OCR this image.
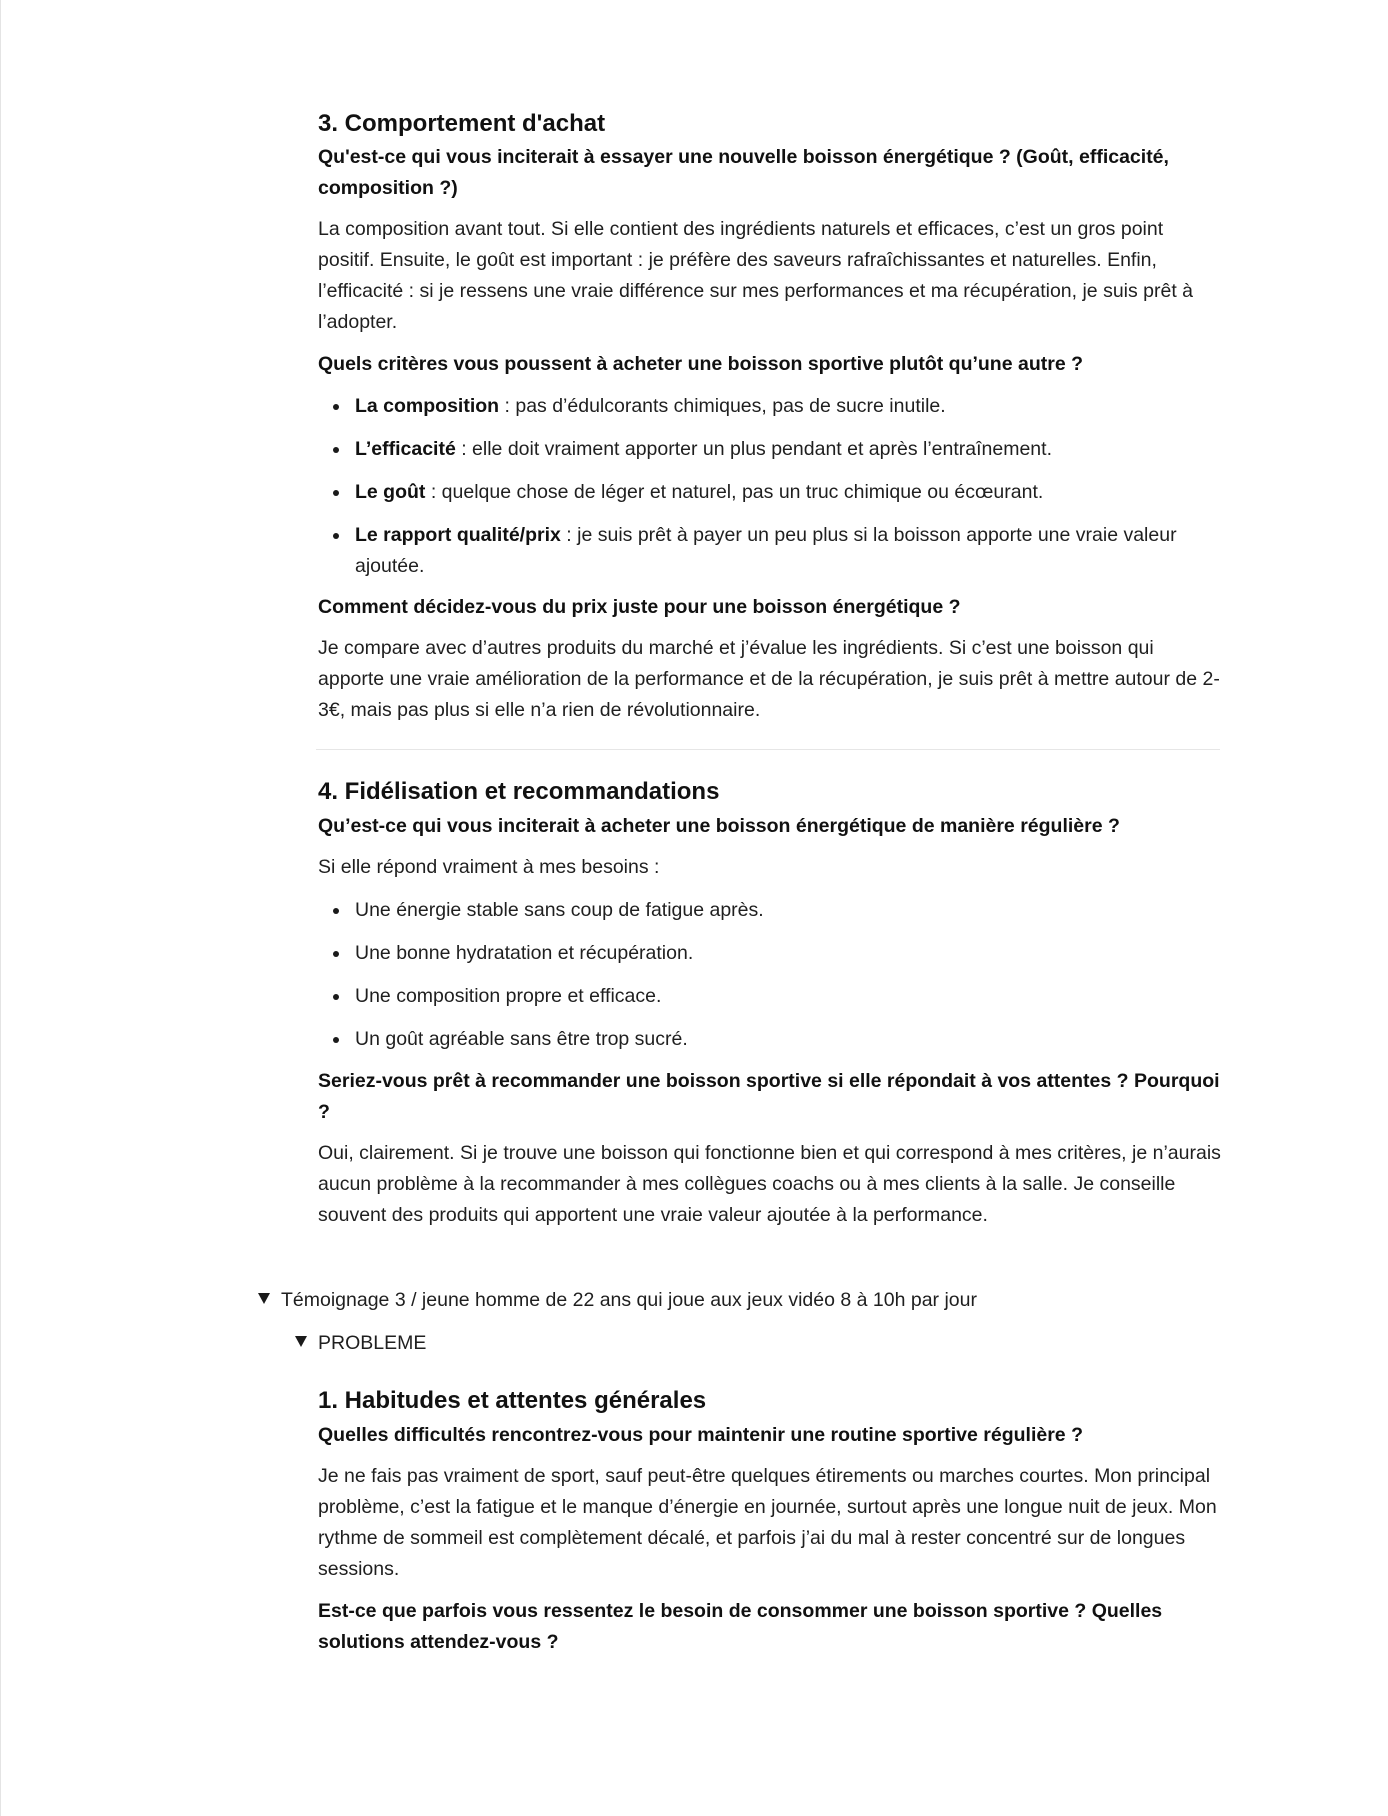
3. Comportement d'achat

Qu'est-ce qui vous inciterait à essayer une nouvelle boisson énergétique ? (Goût, efficacité, composition ?)

La composition avant tout. Si elle contient des ingrédients naturels et efficaces, c’est un gros point positif. Ensuite, le goût est important : je préfère des saveurs rafraîchissantes et naturelles. Enfin, l’efficacité : si je ressens une vraie différence sur mes performances et ma récupération, je suis prêt à l’adopter.

Quels critères vous poussent à acheter une boisson sportive plutôt qu’une autre ?

La composition : pas d’édulcorants chimiques, pas de sucre inutile.
L’efficacité : elle doit vraiment apporter un plus pendant et après l’entraînement.
Le goût : quelque chose de léger et naturel, pas un truc chimique ou écœurant.
Le rapport qualité/prix : je suis prêt à payer un peu plus si la boisson apporte une vraie valeur ajoutée.

Comment décidez-vous du prix juste pour une boisson énergétique ?

Je compare avec d’autres produits du marché et j’évalue les ingrédients. Si c’est une boisson qui apporte une vraie amélioration de la performance et de la récupération, je suis prêt à mettre autour de 2-3€, mais pas plus si elle n’a rien de révolutionnaire.

4. Fidélisation et recommandations

Qu’est-ce qui vous inciterait à acheter une boisson énergétique de manière régulière ?

Si elle répond vraiment à mes besoins :

Une énergie stable sans coup de fatigue après.
Une bonne hydratation et récupération.
Une composition propre et efficace.
Un goût agréable sans être trop sucré.

Seriez-vous prêt à recommander une boisson sportive si elle répondait à vos attentes ? Pourquoi ?

Oui, clairement. Si je trouve une boisson qui fonctionne bien et qui correspond à mes critères, je n’aurais aucun problème à la recommander à mes collègues coachs ou à mes clients à la salle. Je conseille souvent des produits qui apportent une vraie valeur ajoutée à la performance.

Témoignage 3 / jeune homme de 22 ans qui joue aux jeux vidéo 8 à 10h par jour
PROBLEME
1. Habitudes et attentes générales

Quelles difficultés rencontrez-vous pour maintenir une routine sportive régulière ?

Je ne fais pas vraiment de sport, sauf peut-être quelques étirements ou marches courtes. Mon principal problème, c’est la fatigue et le manque d’énergie en journée, surtout après une longue nuit de jeux. Mon rythme de sommeil est complètement décalé, et parfois j’ai du mal à rester concentré sur de longues sessions.

Est-ce que parfois vous ressentez le besoin de consommer une boisson sportive ? Quelles solutions attendez-vous ?
